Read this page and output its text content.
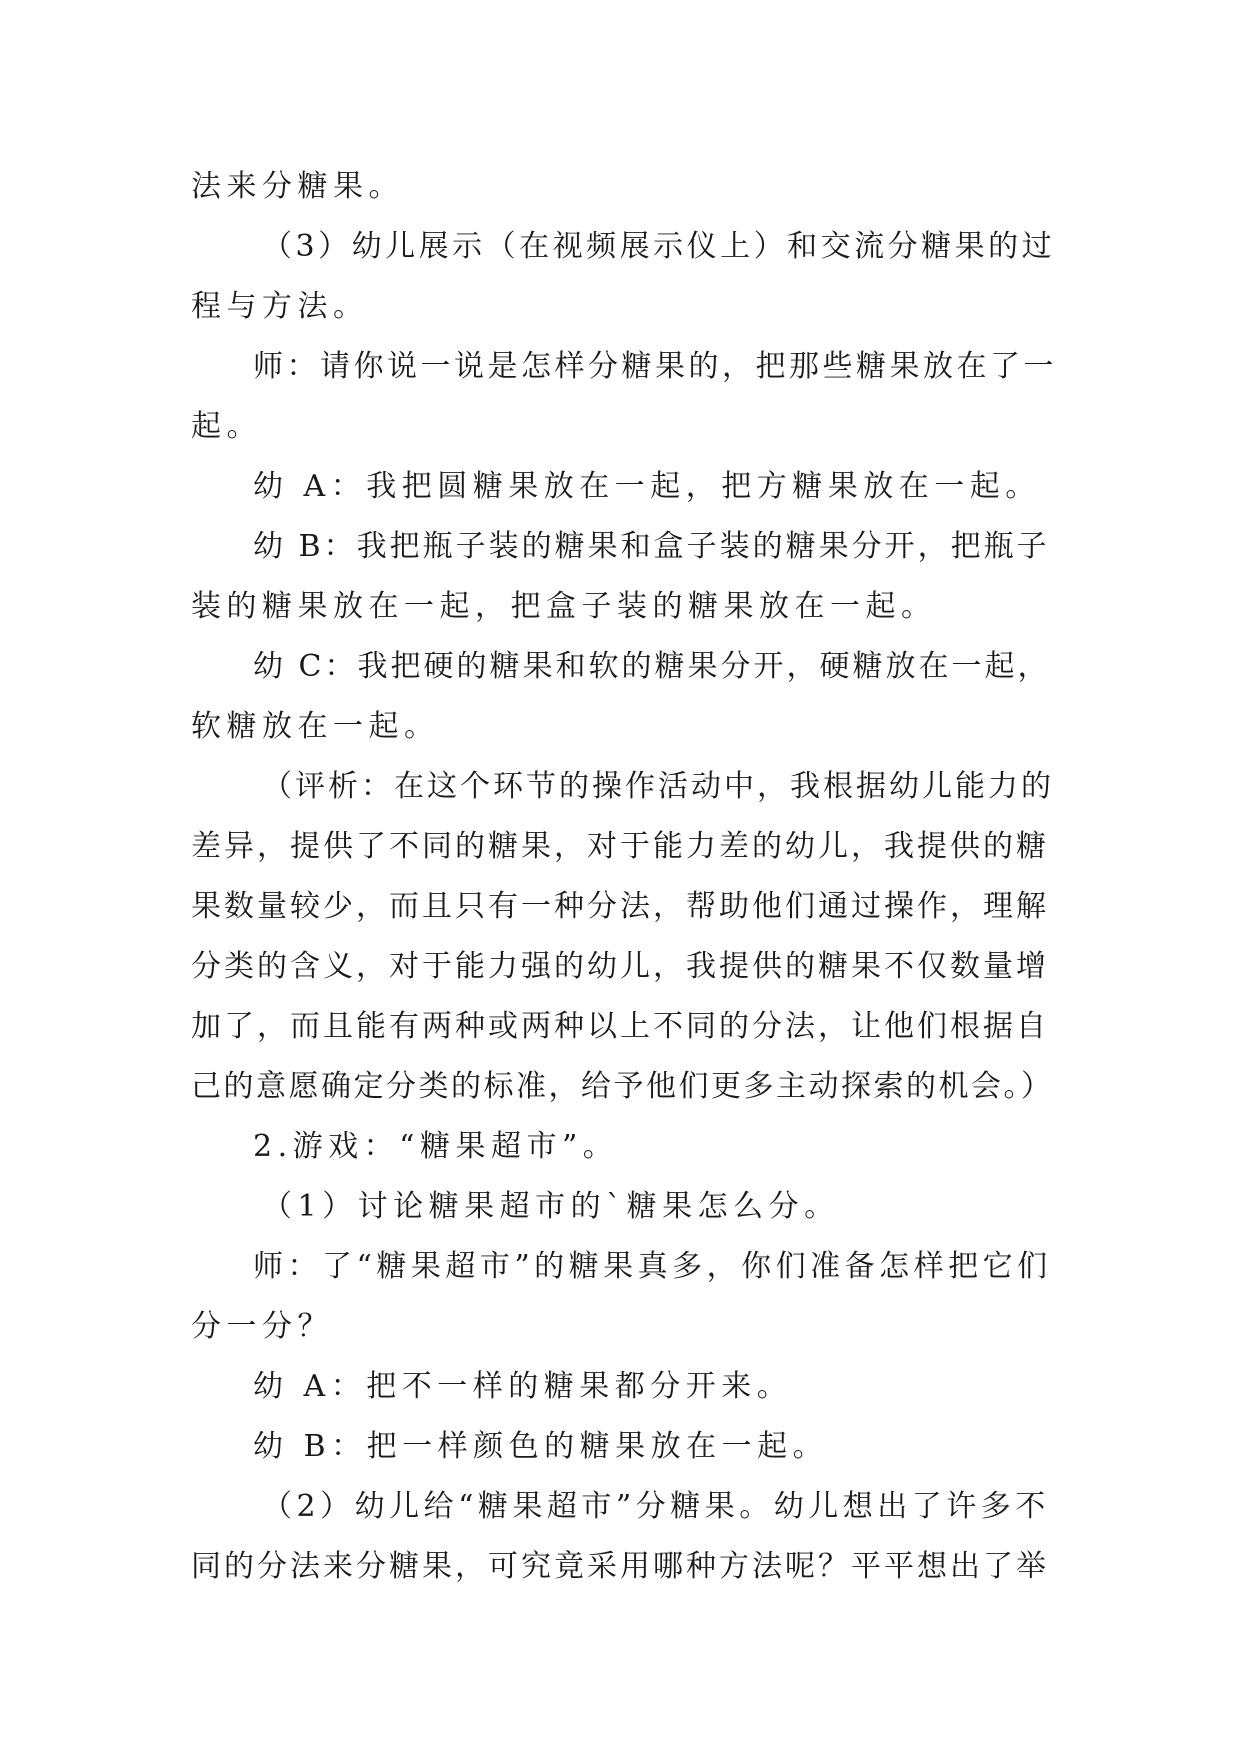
法来分糖果。
（3）幼儿展示（在视频展示仪上）和交流分糖果的过
程与方法。
师：请你说一说是怎样分糖果的，把那些糖果放在了一
起。
幼 A：我把圆糖果放在一起，把方糖果放在一起。
幼 B：我把瓶子装的糖果和盒子装的糖果分开，把瓶子
装的糖果放在一起，把盒子装的糖果放在一起。
幼 C：我把硬的糖果和软的糖果分开，硬糖放在一起，
软糖放在一起。
（评析：在这个环节的操作活动中，我根据幼儿能力的
差异，提供了不同的糖果，对于能力差的幼儿，我提供的糖
果数量较少，而且只有一种分法，帮助他们通过操作，理解
分类的含义，对于能力强的幼儿，我提供的糖果不仅数量增
加了，而且能有两种或两种以上不同的分法，让他们根据自
己的意愿确定分类的标准，给予他们更多主动探索的机会。）
2.游戏：“糖果超市”。
（1）讨论糖果超市的`糖果怎么分。
师：了“糖果超市”的糖果真多，你们准备怎样把它们
分一分？
幼 A：把不一样的糖果都分开来。
幼 B：把一样颜色的糖果放在一起。
（2）幼儿给“糖果超市”分糖果。幼儿想出了许多不
同的分法来分糖果，可究竟采用哪种方法呢？平平想出了举
